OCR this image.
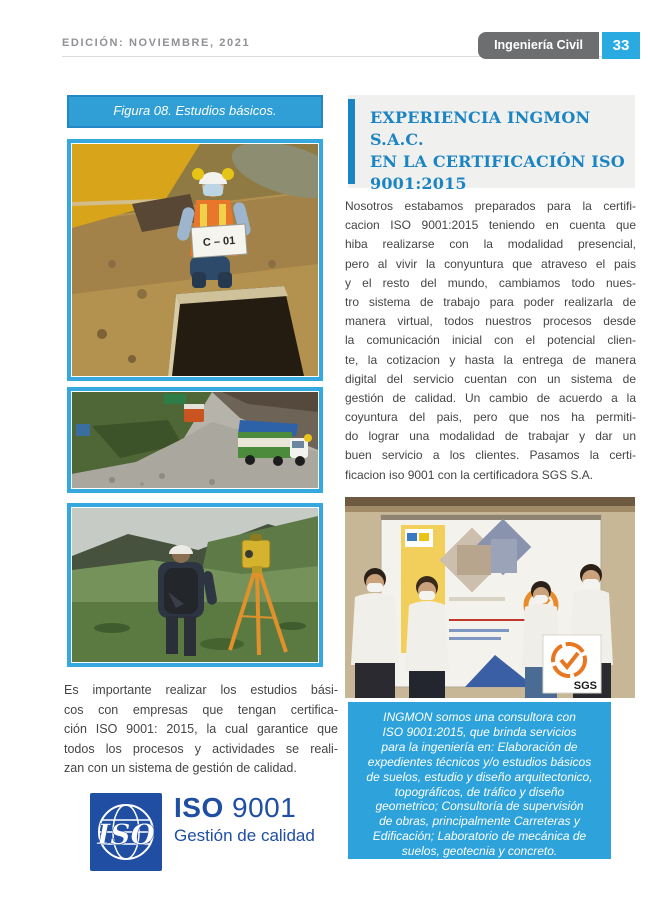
EDICIÓN: NOVIEMBRE, 2021	Ingeniería Civil	33
Figura 08. Estudios básicos.
C – 01
Es importante realizar los estudios bási-
cos con empresas que tengan certifica-
ción ISO 9001: 2015, la cual garantice que
todos los procesos y actividades se reali-
zan con un sistema de gestión de calidad.
ISO
ISO 9001
Gestión de calidad
EXPERIENCIA INGMON S.A.C.
EN LA CERTIFICACIÓN ISO
9001:2015
Nosotros estabamos preparados para la certifi-
cacion ISO 9001:2015 teniendo en cuenta que
hiba realizarse con la modalidad presencial,
pero al vivir la conyuntura que atraveso el pais
y el resto del mundo, cambiamos todo nues-
tro sistema de trabajo para poder realizarla de
manera virtual, todos nuestros procesos desde
la comunicación inicial con el potencial clien-
te, la cotizacion y hasta la entrega de manera
digital del servicio cuentan con un sistema de
gestión de calidad. Un cambio de acuerdo a la
coyuntura del pais, pero que nos ha permiti-
do lograr una modalidad de trabajar y dar un
buen servicio a los clientes. Pasamos la certi-
ficacion iso 9001 con la certificadora SGS S.A.
SGS
INGMON somos una consultora con
ISO 9001:2015, que brinda servicios
para la ingeniería en: Elaboración de
expedientes técnicos y/o estudios básicos
de suelos, estudio y diseño arquitectonico,
topográficos, de tráfico y diseño
geometrico; Consultoría de supervisión
de obras, principalmente Carreteras y
Edificación; Laboratorio de mecánica de
suelos, geotecnia y concreto.
